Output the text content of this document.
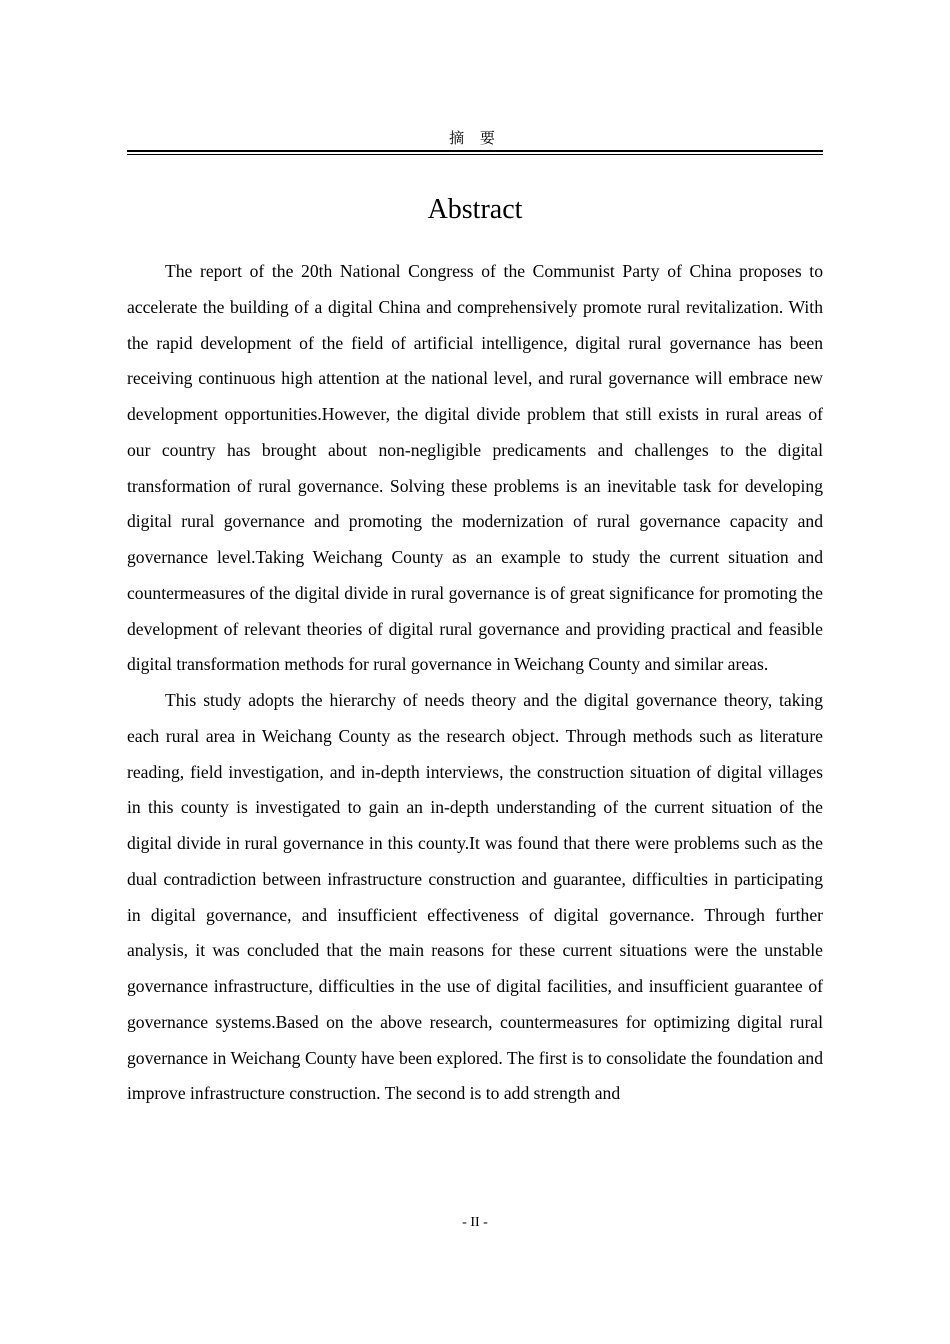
摘 要
Abstract

The report of the 20th National Congress of the Communist Party of China proposes to accelerate the building of a digital China and comprehensively promote rural revitalization. With the rapid development of the field of artificial intelligence, digital rural governance has been receiving continuous high attention at the national level, and rural governance will embrace new development opportunities.However, the digital divide problem that still exists in rural areas of our country has brought about non-negligible predicaments and challenges to the digital transformation of rural governance. Solving these problems is an inevitable task for developing digital rural governance and promoting the modernization of rural governance capacity and governance level.Taking Weichang County as an example to study the current situation and countermeasures of the digital divide in rural governance is of great significance for promoting the development of relevant theories of digital rural governance and providing practical and feasible digital transformation methods for rural governance in Weichang County and similar areas.

This study adopts the hierarchy of needs theory and the digital governance theory, taking each rural area in Weichang County as the research object. Through methods such as literature reading, field investigation, and in-depth interviews, the construction situation of digital villages in this county is investigated to gain an in-depth understanding of the current situation of the digital divide in rural governance in this county.It was found that there were problems such as the dual contradiction between infrastructure construction and guarantee, difficulties in participating in digital governance, and insufficient effectiveness of digital governance. Through further analysis, it was concluded that the main reasons for these current situations were the unstable governance infrastructure, difficulties in the use of digital facilities, and insufficient guarantee of governance systems.Based on the above research, countermeasures for optimizing digital rural governance in Weichang County have been explored. The first is to consolidate the foundation and improve infrastructure construction. The second is to add strength and

- II -
